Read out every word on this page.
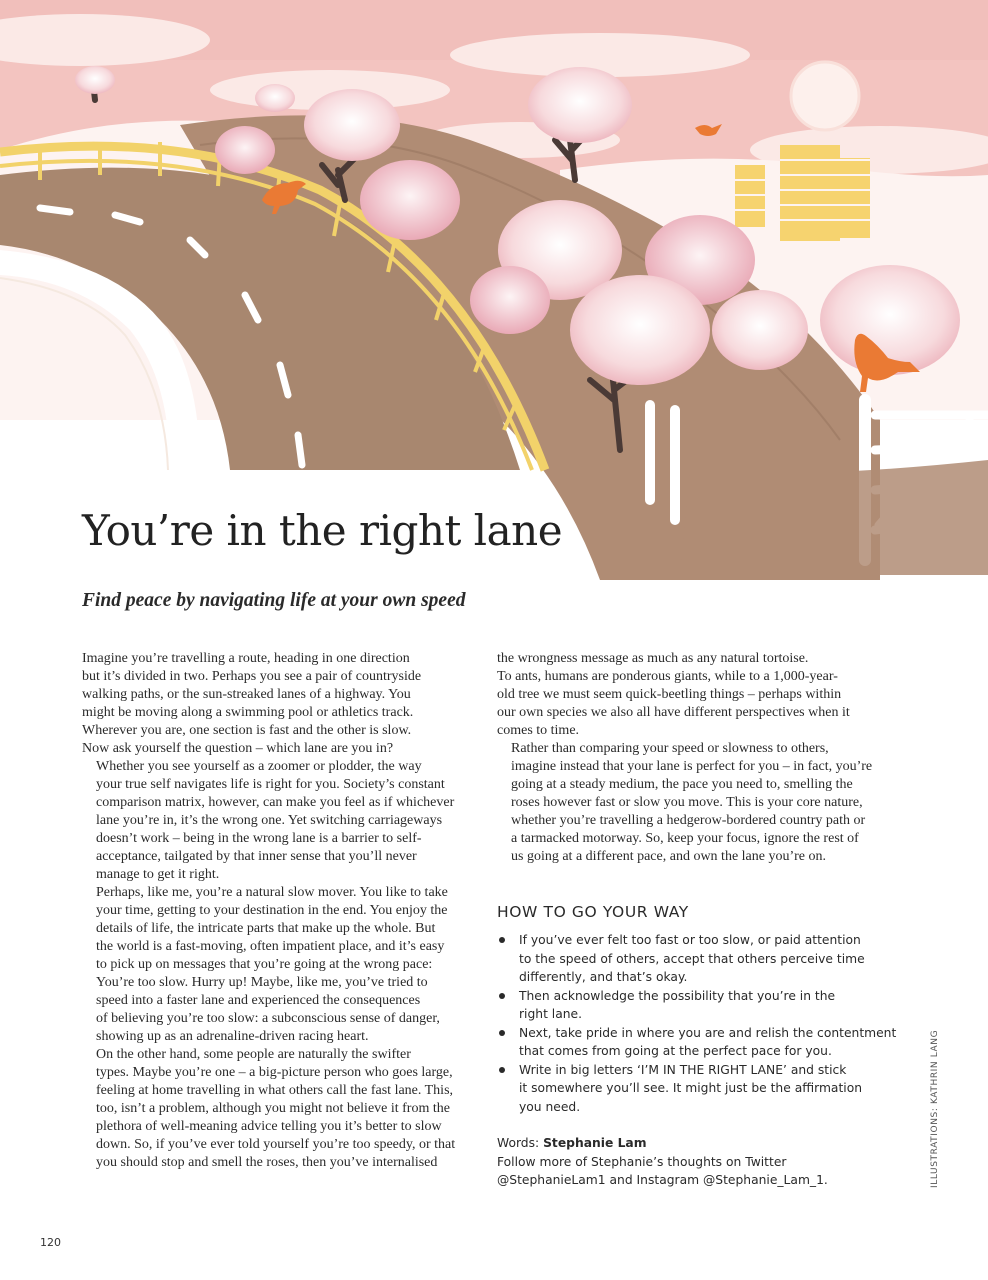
You’re in the right lane
Find peace by navigating life at your own speed

Imagine you’re travelling a route, heading in one direction
but it’s divided in two. Perhaps you see a pair of countryside
walking paths, or the sun-streaked lanes of a highway. You
might be moving along a swimming pool or athletics track.
Wherever you are, one section is fast and the other is slow.
Now ask yourself the question – which lane are you in?

Whether you see yourself as a zoomer or plodder, the way
your true self navigates life is right for you. Society’s constant
comparison matrix, however, can make you feel as if whichever
lane you’re in, it’s the wrong one. Yet switching carriageways
doesn’t work – being in the wrong lane is a barrier to self-
acceptance, tailgated by that inner sense that you’ll never
manage to get it right.

Perhaps, like me, you’re a natural slow mover. You like to take
your time, getting to your destination in the end. You enjoy the
details of life, the intricate parts that make up the whole. But
the world is a fast-moving, often impatient place, and it’s easy
to pick up on messages that you’re going at the wrong pace:
You’re too slow. Hurry up! Maybe, like me, you’ve tried to
speed into a faster lane and experienced the consequences
of believing you’re too slow: a subconscious sense of danger,
showing up as an adrenaline-driven racing heart.

On the other hand, some people are naturally the swifter
types. Maybe you’re one – a big-picture person who goes large,
feeling at home travelling in what others call the fast lane. This,
too, isn’t a problem, although you might not believe it from the
plethora of well-meaning advice telling you it’s better to slow
down. So, if you’ve ever told yourself you’re too speedy, or that
you should stop and smell the roses, then you’ve internalised

the wrongness message as much as any natural tortoise.
To ants, humans are ponderous giants, while to a 1,000-year-
old tree we must seem quick-beetling things – perhaps within
our own species we also all have different perspectives when it
comes to time.

Rather than comparing your speed or slowness to others,
imagine instead that your lane is perfect for you – in fact, you’re
going at a steady medium, the pace you need to, smelling the
roses however fast or slow you move. This is your core nature,
whether you’re travelling a hedgerow-bordered country path or
a tarmacked motorway. So, keep your focus, ignore the rest of
us going at a different pace, and own the lane you’re on.

HOW TO GO YOUR WAY
If you’ve ever felt too fast or too slow, or paid attention
to the speed of others, accept that others perceive time
differently, and that’s okay.
Then acknowledge the possibility that you’re in the
right lane.
Next, take pride in where you are and relish the contentment
that comes from going at the perfect pace for you.
Write in big letters ‘I’M IN THE RIGHT LANE’ and stick
it somewhere you’ll see. It might just be the affirmation
you need.
Words: Stephanie Lam
Follow more of Stephanie’s thoughts on Twitter
@StephanieLam1 and Instagram @Stephanie_Lam_1.	ILLUSTRATIONS: KATHRIN LANG
120
